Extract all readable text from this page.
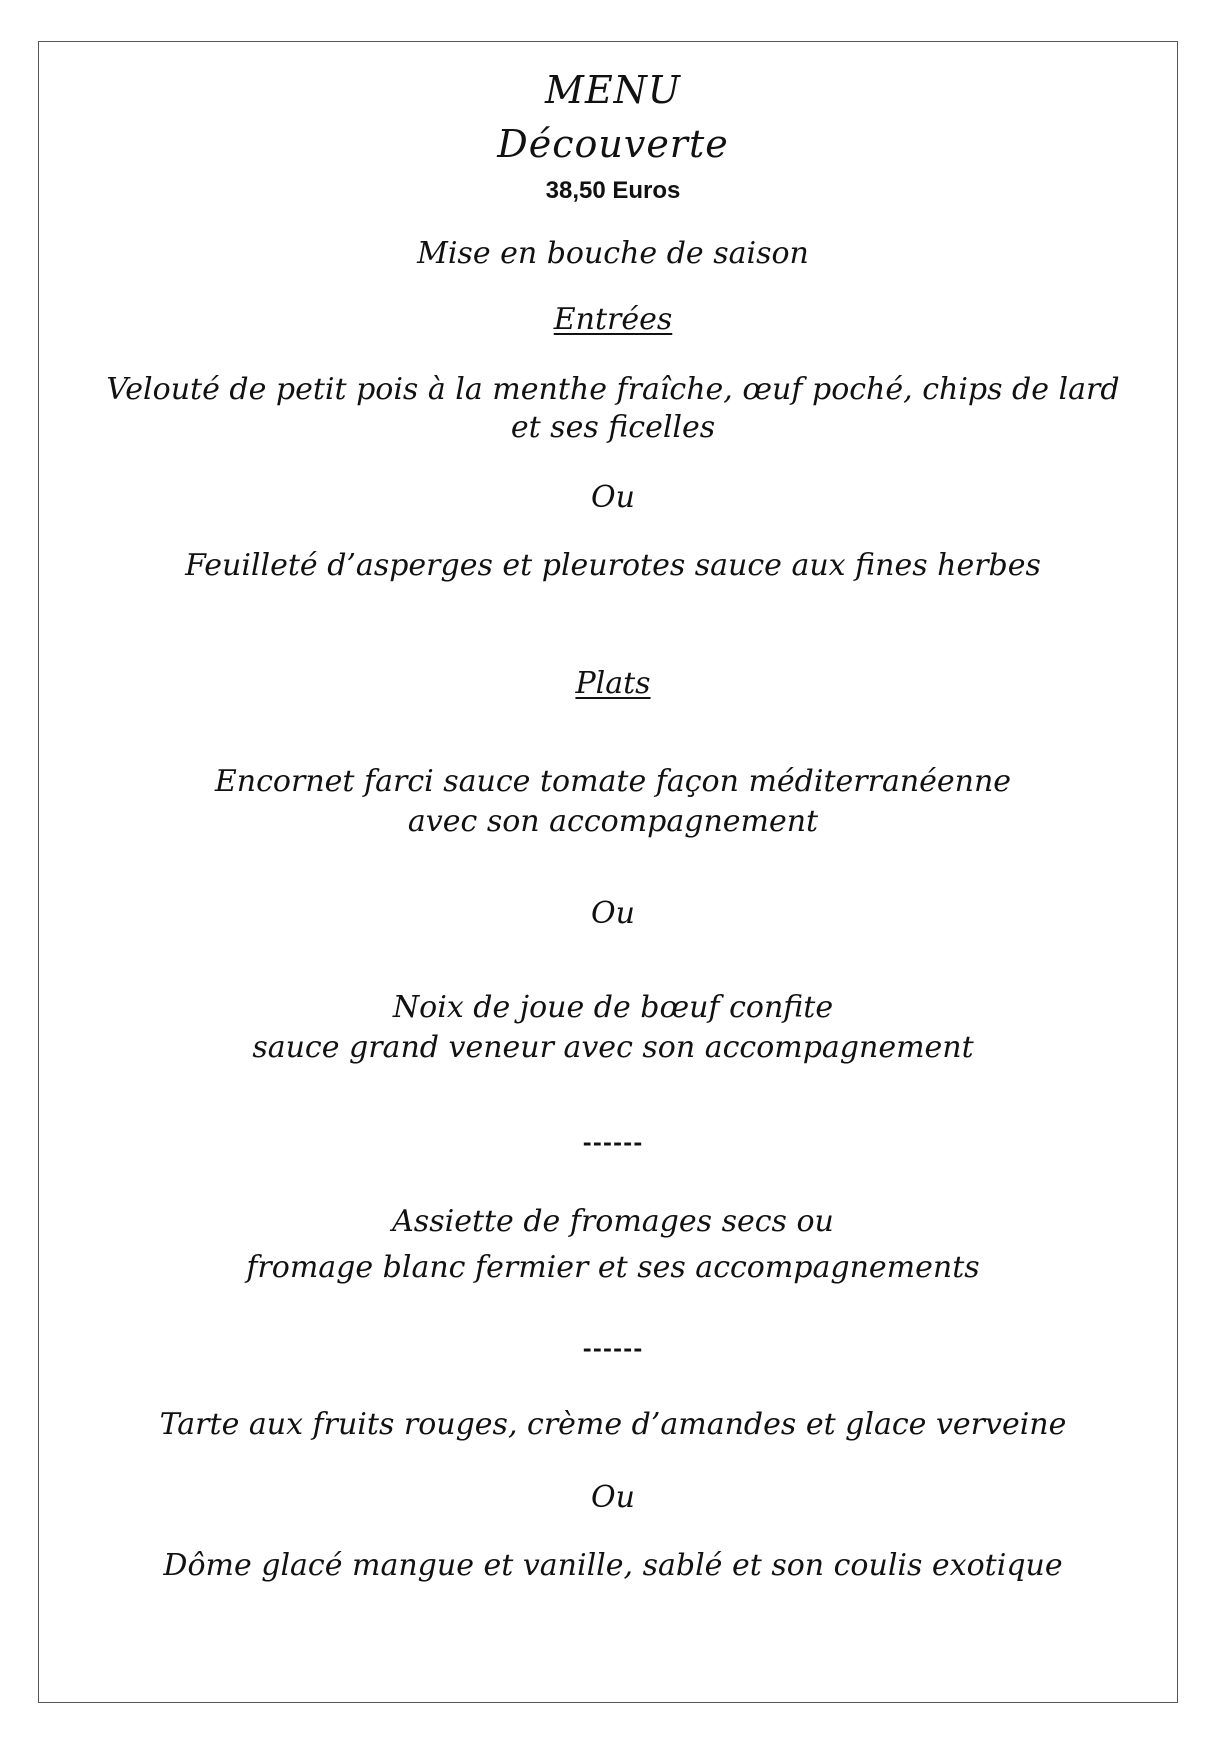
MENU
Découverte
38,50 Euros
Mise en bouche de saison
Entrées
Velouté de petit pois à la menthe fraîche, œuf poché, chips de lard
et ses ficelles
Ou
Feuilleté d’asperges et pleurotes sauce aux fines herbes
Plats
Encornet farci sauce tomate façon méditerranéenne
avec son accompagnement
Ou
Noix de joue de bœuf confite
sauce grand veneur avec son accompagnement
------
Assiette de fromages secs ou
fromage blanc fermier et ses accompagnements
------
Tarte aux fruits rouges, crème d’amandes et glace verveine
Ou
Dôme glacé mangue et vanille, sablé et son coulis exotique
